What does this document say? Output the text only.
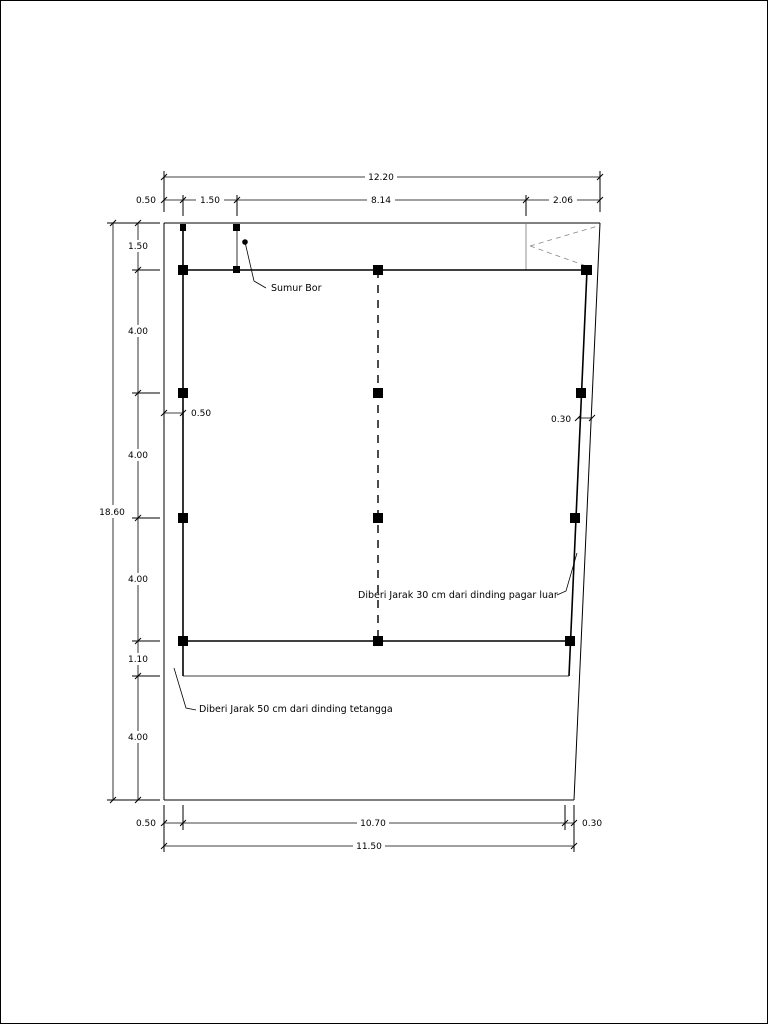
12.20
0.50	1.50	8.14	2.06
18.60
1.50
4.00
4.00
4.00
1.10
4.00
0.50
0.30
0.50	10.70	0.30
11.50
Sumur Bor
Diberi Jarak 30 cm dari dinding pagar luar
Diberi Jarak 50 cm dari dinding tetangga
